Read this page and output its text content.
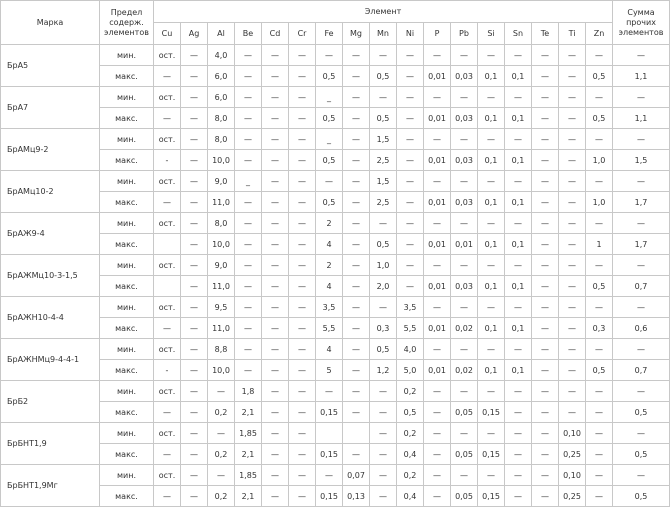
Марка	Предел содерж. элементов	Элемент																	Сумма прочих элементов
		Cu	Ag	Al	Be	Cd	Cr	Fe	Mg	Mn	Ni	P	Pb	Si	Sn	Te	Ti	Zn	
БрА5	мин.	ост.	—	4,0	—	—	—	—	—	—	—	—	—	—	—	—	—	—	—
	макс.	—	—	6,0	—	—	—	0,5	—	0,5	—	0,01	0,03	0,1	0,1	—	—	0,5	1,1
БрА7	мин.	ост.	—	6,0	—	—	—	_	—	—	—	—	—	—	—	—	—	—	—
	макс.	—	—	8,0	—	—	—	0,5	—	0,5	—	0,01	0,03	0,1	0,1	—	—	0,5	1,1
БрАМц9-2	мин.	ост.	—	8,0	—	—	—	_	—	1,5	—	—	—	—	—	—	—	—	—
	макс.	-	—	10,0	—	—	—	0,5	—	2,5	—	0,01	0,03	0,1	0,1	—	—	1,0	1,5
БрАМц10-2	мин.	ост.	—	9,0	_	—	—	—	—	1,5	—	—	—	—	—	—	—	—	—
	макс.	—	—	11,0	—	—	—	0,5	—	2,5	—	0,01	0,03	0,1	0,1	—	—	1,0	1,7
БрАЖ9-4	мин.	ост.	—	8,0	—	—	—	2	—	—	—	—	—	—	—	—	—	—	—
	макс.		—	10,0	—	—	—	4	—	0,5	—	0,01	0,01	0,1	0,1	—	—	1	1,7
БрАЖМц10-3-1,5	мин.	ост.	—	9,0	—	—	—	2	—	1,0	—	—	—	—	—	—	—	—	—
	макс.		—	11,0	—	—	—	4	—	2,0	—	0,01	0,03	0,1	0,1	—	—	0,5	0,7
БрАЖН10-4-4	мин.	ост.	—	9,5	—	—	—	3,5	—	—	3,5	—	—	—	—	—	—	—	—
	макс.	—	—	11,0	—	—	—	5,5	—	0,3	5,5	0,01	0,02	0,1	0,1	—	—	0,3	0,6
БрАЖНМц9-4-4-1	мин.	ост.	—	8,8	—	—	—	4	—	0,5	4,0	—	—	—	—	—	—	—	—
	макс.	-	—	10,0	—	—	—	5	—	1,2	5,0	0,01	0,02	0,1	0,1	—	—	0,5	0,7
БрБ2	мин.	ост.	—	—	1,8	—	—	—	—	—	0,2	—	—	—	—	—	—	—	—
	макс.	—	—	0,2	2,1	—	—	0,15	—	—	0,5	—	0,05	0,15	—	—	—	—	0,5
БрБНТ1,9	мин.	ост.	—	—	1,85	—	—			—	0,2	—	—	—	—	—	0,10	—	—
	макс.	—	—	0,2	2,1	—	—	0,15	—	—	0,4	—	0,05	0,15	—	—	0,25	—	0,5
БрБНТ1,9Мг	мин.	ост.	—	—	1,85	—	—	—	0,07	—	0,2	—	—	—	—	—	0,10	—	—
	макс.	—	—	0,2	2,1	—	—	0,15	0,13	—	0,4	—	0,05	0,15	—	—	0,25	—	0,5
